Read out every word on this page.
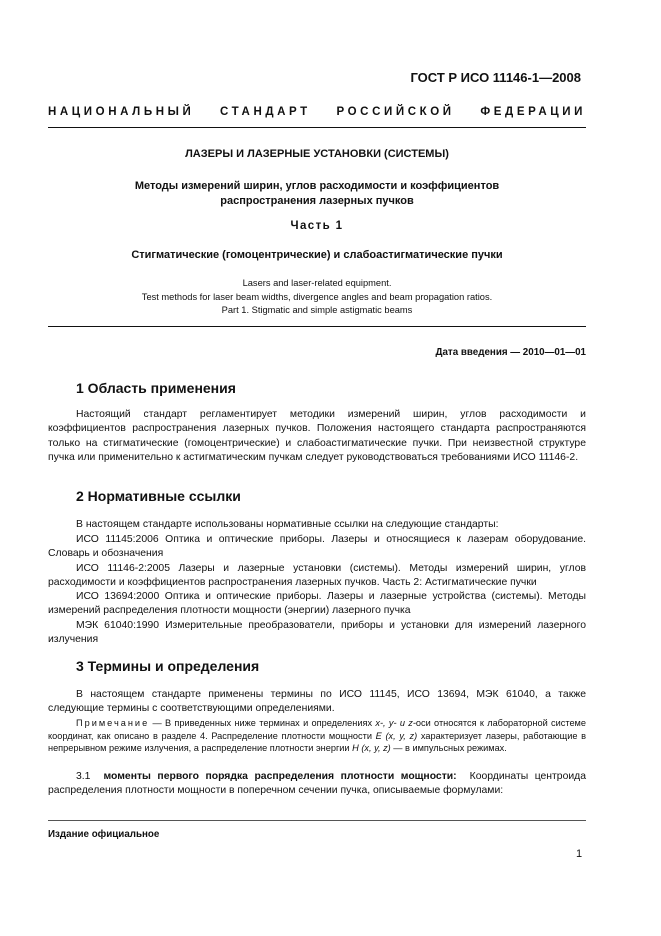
ГОСТ Р ИСО 11146-1—2008
НАЦИОНАЛЬНЫЙ СТАНДАРТ РОССИЙСКОЙ ФЕДЕРАЦИИ
ЛАЗЕРЫ И ЛАЗЕРНЫЕ УСТАНОВКИ (СИСТЕМЫ)
Методы измерений ширин, углов расходимости и коэффициентов
распространения лазерных пучков
Часть 1
Стигматические (гомоцентрические) и слабоастигматические пучки
Lasers and laser-related equipment.
Test methods for laser beam widths, divergence angles and beam propagation ratios.
Part 1. Stigmatic and simple astigmatic beams
Дата введения — 2010—01—01
1 Область применения
Настоящий стандарт регламентирует методики измерений ширин, углов расходимости и коэффициентов распространения лазерных пучков. Положения настоящего стандарта распространяются только на стигматические (гомоцентрические) и слабоастигматические пучки. При неизвестной структуре пучка или применительно к астигматическим пучкам следует руководствоваться требованиями ИСО 11146-2.
2 Нормативные ссылки
В настоящем стандарте использованы нормативные ссылки на следующие стандарты:
ИСО 11145:2006 Оптика и оптические приборы. Лазеры и относящиеся к лазерам оборудование. Словарь и обозначения
ИСО 11146-2:2005 Лазеры и лазерные установки (системы). Методы измерений ширин, углов расходимости и коэффициентов распространения лазерных пучков. Часть 2: Астигматические пучки
ИСО 13694:2000 Оптика и оптические приборы. Лазеры и лазерные устройства (системы). Методы измерений распределения плотности мощности (энергии) лазерного пучка
МЭК 61040:1990 Измерительные преобразователи, приборы и установки для измерений лазерного излучения
3 Термины и определения
В настоящем стандарте применены термины по ИСО 11145, ИСО 13694, МЭК 61040, а также следующие термины с соответствующими определениями.
Примечание — В приведенных ниже терминах и определениях x-, y- и z-оси относятся к лабораторной системе координат, как описано в разделе 4. Распределение плотности мощности E (x, y, z) характеризует лазеры, работающие в непрерывном режиме излучения, а распределение плотности энергии H (x, y, z) — в импульсных режимах.
3.1 моменты первого порядка распределения плотности мощности: Координаты центроида распределения плотности мощности в поперечном сечении пучка, описываемые формулами:
Издание официальное
1
